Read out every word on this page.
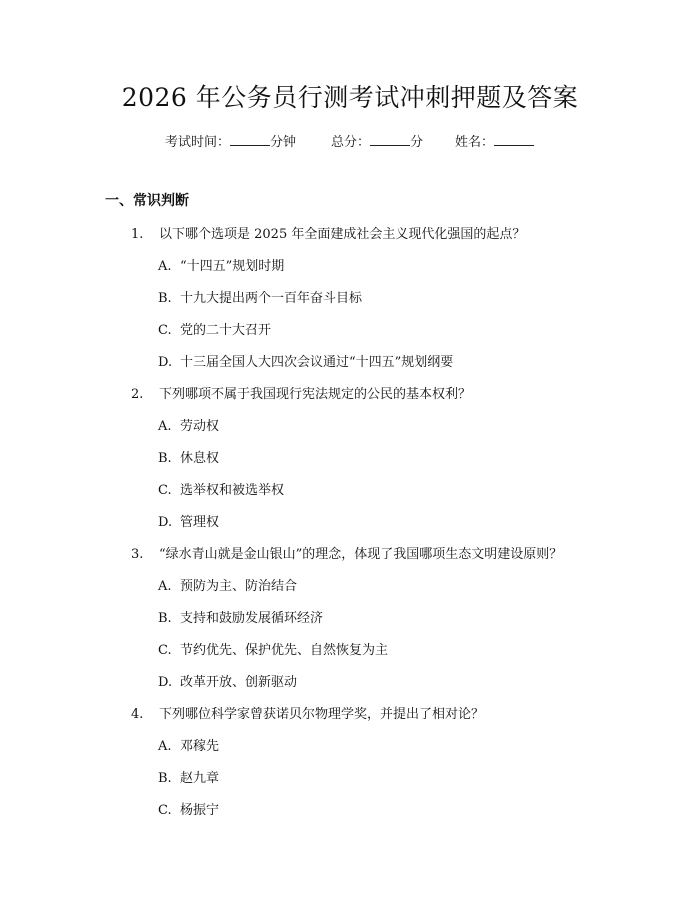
2026 年公务员行测考试冲刺押题及答案
考试时间：	分钟	总分：	分 姓名：
一、常识判断
1. 以下哪个选项是 2025 年全面建成社会主义现代化强国的起点？
A. “十四五”规划时期
B. 十九大提出两个一百年奋斗目标
C. 党的二十大召开
D. 十三届全国人大四次会议通过“十四五”规划纲要
2. 下列哪项不属于我国现行宪法规定的公民的基本权利？
A. 劳动权
B. 休息权
C. 选举权和被选举权
D. 管理权
3. “绿水青山就是金山银山”的理念，体现了我国哪项生态文明建设原则？
A. 预防为主、防治结合
B. 支持和鼓励发展循环经济
C. 节约优先、保护优先、自然恢复为主
D. 改革开放、创新驱动
4. 下列哪位科学家曾获诺贝尔物理学奖，并提出了相对论？
A. 邓稼先
B. 赵九章
C. 杨振宁
